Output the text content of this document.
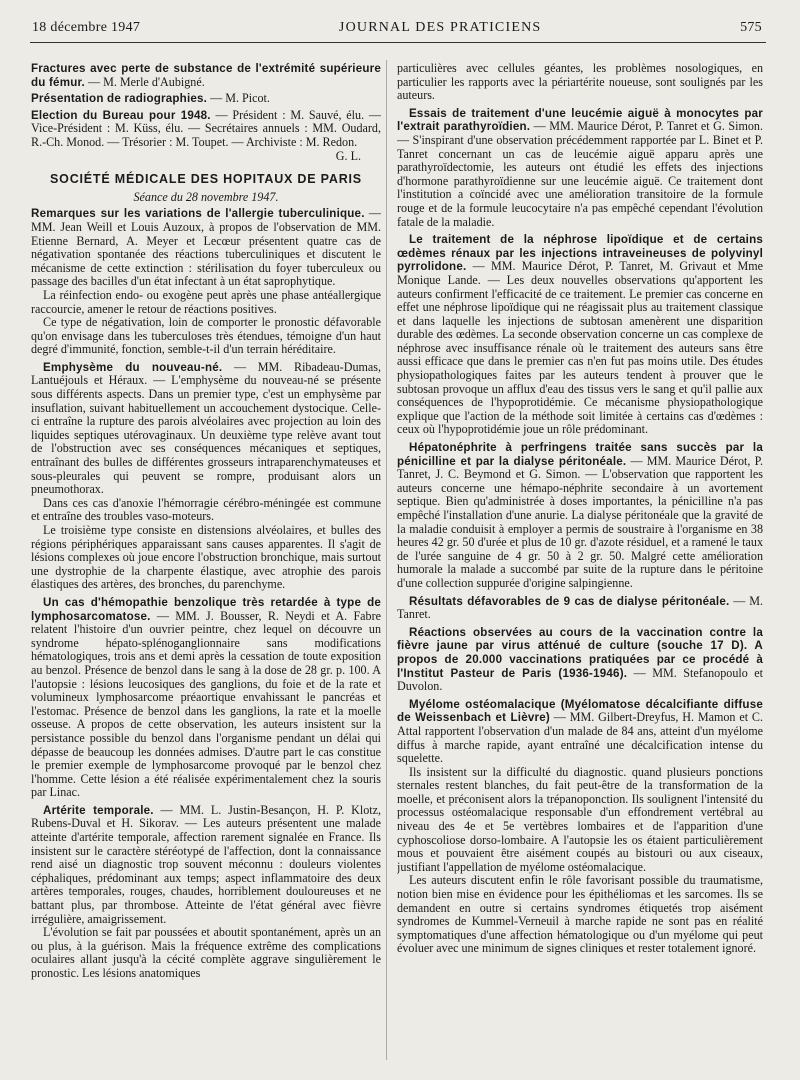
18 décembre 1947	JOURNAL DES PRATICIENS	575

Fractures avec perte de substance de l'extrémité supérieure du fémur. — M. Merle d'Aubigné.

Présentation de radiographies. — M. Picot.

Election du Bureau pour 1948. — Président : M. Sauvé, élu. — Vice-Président : M. Küss, élu. — Secrétaires annuels : MM. Oudard, R.-Ch. Monod. — Trésorier : M. Toupet. — Archiviste : M. Redon.

G. L.

SOCIÉTÉ MÉDICALE DES HOPITAUX DE PARIS
Séance du 28 novembre 1947.

Remarques sur les variations de l'allergie tuberculinique. — MM. Jean Weill et Louis Auzoux, à propos de l'observation de MM. Etienne Bernard, A. Meyer et Lecœur présentent quatre cas de négativation spontanée des réactions tuberculiniques et discutent le mécanisme de cette extinction : stérilisation du foyer tuberculeux ou passage des bacilles d'un état infectant à un état saprophytique.

La réinfection endo- ou exogène peut après une phase antéallergique raccourcie, amener le retour de réactions positives.

Ce type de négativation, loin de comporter le pronostic défavorable qu'on envisage dans les tuberculoses très étendues, témoigne d'un haut degré d'immunité, fonction, semble-t-il d'un terrain héréditaire.

Emphysème du nouveau-né. — MM. Ribadeau-Dumas, Lantuéjouls et Héraux. — L'emphysème du nouveau-né se présente sous différents aspects. Dans un premier type, c'est un emphysème par insuflation, suivant habituellement un accouchement dystocique. Celle-ci entraîne la rupture des parois alvéolaires avec projection au loin des liquides septiques utérovaginaux. Un deuxième type relève avant tout de l'obstruction avec ses conséquences mécaniques et septiques, entraînant des bulles de différentes grosseurs intraparenchymateuses et sous-pleurales qui peuvent se rompre, produisant alors un pneumothorax.

Dans ces cas d'anoxie l'hémorragie cérébro-méningée est commune et entraîne des troubles vaso-moteurs.

Le troisième type consiste en distensions alvéolaires, et bulles des régions périphériques apparaissant sans causes apparentes. Il s'agit de lésions complexes où joue encore l'obstruction bronchique, mais surtout une dystrophie de la charpente élastique, avec atrophie des parois élastiques des artères, des bronches, du parenchyme.

Un cas d'hémopathie benzolique très retardée à type de lymphosarcomatose. — MM. J. Bousser, R. Neydi et A. Fabre relatent l'histoire d'un ouvrier peintre, chez lequel on découvre un syndrome hépato-splénoganglionnaire sans modifications hématologiques, trois ans et demi après la cessation de toute exposition au benzol. Présence de benzol dans le sang à la dose de 28 gr. p. 100. A l'autopsie : lésions leucosiques des ganglions, du foie et de la rate et volumineux lymphosarcome préaortique envahissant le pancréas et l'estomac. Présence de benzol dans les ganglions, la rate et la moelle osseuse. A propos de cette observation, les auteurs insistent sur la persistance possible du benzol dans l'organisme pendant un délai qui dépasse de beaucoup les données admises. D'autre part le cas constitue le premier exemple de lymphosarcome provoqué par le benzol chez l'homme. Cette lésion a été réalisée expérimentalement chez la souris par Linac.

Artérite temporale. — MM. L. Justin-Besançon, H. P. Klotz, Rubens-Duval et H. Sikorav. — Les auteurs présentent une malade atteinte d'artérite temporale, affection rarement signalée en France. Ils insistent sur le caractère stéréotypé de l'affection, dont la connaissance rend aisé un diagnostic trop souvent méconnu : douleurs violentes céphaliques, prédominant aux temps; aspect inflammatoire des deux artères temporales, rouges, chaudes, horriblement douloureuses et ne battant plus, par thrombose. Atteinte de l'état général avec fièvre irrégulière, amaigrissement.

L'évolution se fait par poussées et aboutit spontanément, après un an ou plus, à la guérison. Mais la fréquence extrême des complications oculaires allant jusqu'à la cécité complète aggrave singulièrement le pronostic. Les lésions anatomiques

particulières avec cellules géantes, les problèmes nosologiques, en particulier les rapports avec la périartérite noueuse, sont soulignés par les auteurs.

Essais de traitement d'une leucémie aiguë à monocytes par l'extrait parathyroïdien. — MM. Maurice Dérot, P. Tanret et G. Simon. — S'inspirant d'une observation précédemment rapportée par L. Binet et P. Tanret concernant un cas de leucémie aiguë apparu après une parathyroïdectomie, les auteurs ont étudié les effets des injections d'hormone parathyroïdienne sur une leucémie aiguë. Ce traitement dont l'institution a coïncidé avec une amélioration transitoire de la formule rouge et de la formule leucocytaire n'a pas empêché cependant l'évolution fatale de la maladie.

Le traitement de la néphrose lipoïdique et de certains œdèmes rénaux par les injections intraveineuses de polyvinyl pyrrolidone. — MM. Maurice Dérot, P. Tanret, M. Grivaut et Mme Monique Lande. — Les deux nouvelles observations qu'apportent les auteurs confirment l'efficacité de ce traitement. Le premier cas concerne en effet une néphrose lipoïdique qui ne réagissait plus au traitement classique et dans laquelle les injections de subtosan amenèrent une disparition durable des œdèmes. La seconde observation concerne un cas complexe de néphrose avec insuffisance rénale où le traitement des auteurs sans être aussi efficace que dans le premier cas n'en fut pas moins utile. Des études physiopathologiques faites par les auteurs tendent à prouver que le subtosan provoque un afflux d'eau des tissus vers le sang et qu'il pallie aux conséquences de l'hypoprotidémie. Ce mécanisme physiopathologique explique que l'action de la méthode soit limitée à certains cas d'œdèmes : ceux où l'hypoprotidémie joue un rôle prédominant.

Hépatonéphrite à perfringens traitée sans succès par la pénicilline et par la dialyse péritonéale. — MM. Maurice Dérot, P. Tanret, J. C. Beymond et G. Simon. — L'observation que rapportent les auteurs concerne une hémapo-néphrite secondaire à un avortement septique. Bien qu'administrée à doses importantes, la pénicilline n'a pas empêché l'installation d'une anurie. La dialyse péritonéale que la gravité de la maladie conduisit à employer a permis de soustraire à l'organisme en 38 heures 42 gr. 50 d'urée et plus de 10 gr. d'azote résiduel, et a ramené le taux de l'urée sanguine de 4 gr. 50 à 2 gr. 50. Malgré cette amélioration humorale la malade a succombé par suite de la rupture dans le péritoine d'une collection suppurée d'origine salpingienne.

Résultats défavorables de 9 cas de dialyse péritonéale. — M. Tanret.

Réactions observées au cours de la vaccination contre la fièvre jaune par virus atténué de culture (souche 17 D). A propos de 20.000 vaccinations pratiquées par ce procédé à l'Institut Pasteur de Paris (1936-1946). — MM. Stefanopoulo et Duvolon.

Myélome ostéomalacique (Myélomatose décalcifiante diffuse de Weissenbach et Lièvre) — MM. Gilbert-Dreyfus, H. Mamon et C. Attal rapportent l'observation d'un malade de 84 ans, atteint d'un myélome diffus à marche rapide, ayant entraîné une décalcification intense du squelette.

Ils insistent sur la difficulté du diagnostic. quand plusieurs ponctions sternales restent blanches, du fait peut-être de la transformation de la moelle, et préconisent alors la trépanoponction. Ils soulignent l'intensité du processus ostéomalacique responsable d'un effondrement vertébral au niveau des 4e et 5e vertèbres lombaires et de l'apparition d'une cyphoscoliose dorso-lombaire. A l'autopsie les os étaient particulièrement mous et pouvaient être aisément coupés au bistouri ou aux ciseaux, justifiant l'appellation de myélome ostéomalacique.

Les auteurs discutent enfin le rôle favorisant possible du traumatisme, notion bien mise en évidence pour les épithéliomas et les sarcomes. Ils se demandent en outre si certains syndromes étiquetés trop aisément syndromes de Kummel-Verneuil à marche rapide ne sont pas en réalité symptomatiques d'une affection hématologique ou d'un myélome qui peut évoluer avec une minimum de signes cliniques et rester totalement ignoré.
